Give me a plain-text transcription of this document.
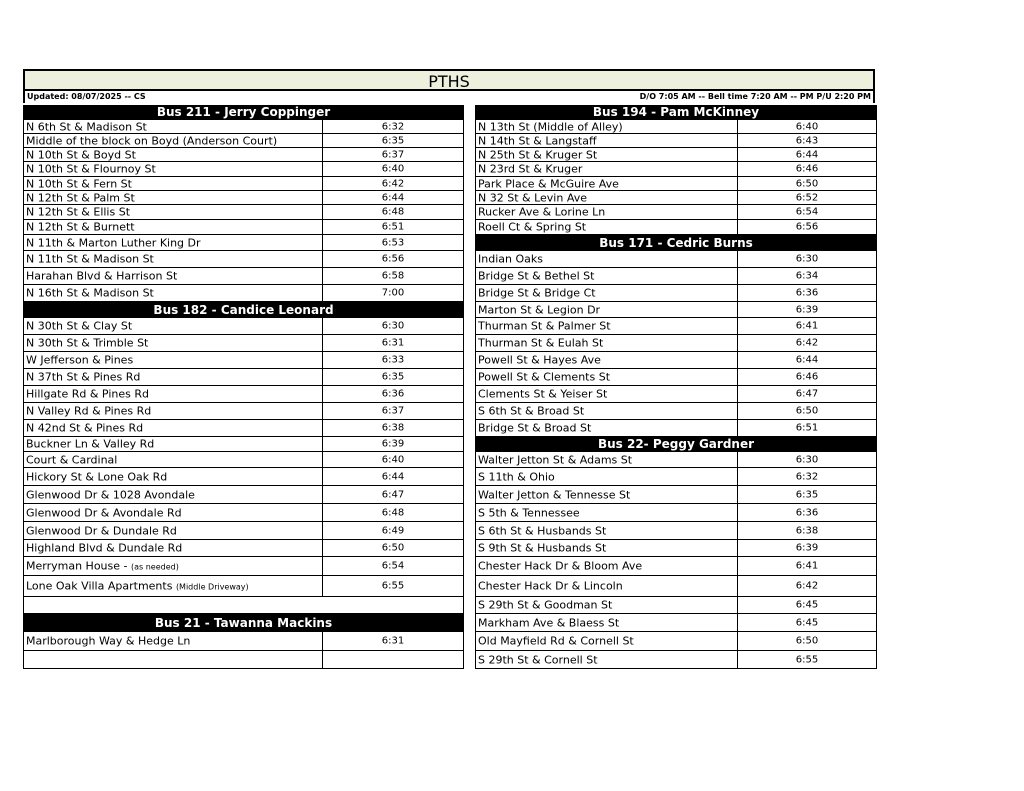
PTHS
Updated: 08/07/2025 -- CS	D/O 7:05 AM -- Bell time 7:20 AM -- PM P/U 2:20 PM
Bus 211 - Jerry Coppinger
N 6th St & Madison St	6:32
Middle of the block on Boyd (Anderson Court)	6:35
N 10th St & Boyd St	6:37
N 10th St & Flournoy St	6:40
N 10th St & Fern St	6:42
N 12th St & Palm St	6:44
N 12th St & Ellis St	6:48
N 12th St & Burnett	6:51
N 11th & Marton Luther King Dr	6:53
N 11th St & Madison St	6:56
Harahan Blvd & Harrison St	6:58
N 16th St & Madison St	7:00
Bus 182 - Candice Leonard
N 30th St & Clay St	6:30
N 30th St & Trimble St	6:31
W Jefferson & Pines	6:33
N 37th St & Pines Rd	6:35
Hillgate Rd & Pines Rd	6:36
N Valley Rd & Pines Rd	6:37
N 42nd St & Pines Rd	6:38
Buckner Ln & Valley Rd	6:39
Court & Cardinal	6:40
Hickory St & Lone Oak Rd	6:44
Glenwood Dr & 1028 Avondale	6:47
Glenwood Dr & Avondale Rd	6:48
Glenwood Dr & Dundale Rd	6:49
Highland Blvd & Dundale Rd	6:50
Merryman House - (as needed)	6:54
Lone Oak Villa Apartments (Middle Driveway)	6:55
Bus 21 - Tawanna Mackins
Marlborough Way & Hedge Ln	6:31
Bus 194 - Pam McKinney
N 13th St (Middle of Alley)	6:40
N 14th St & Langstaff	6:43
N 25th St & Kruger St	6:44
N 23rd St & Kruger	6:46
Park Place & McGuire Ave	6:50
N 32 St & Levin Ave	6:52
Rucker Ave & Lorine Ln	6:54
Roell Ct & Spring St	6:56
Bus 171 - Cedric Burns
Indian Oaks	6:30
Bridge St & Bethel St	6:34
Bridge St & Bridge Ct	6:36
Marton St & Legion Dr	6:39
Thurman St & Palmer St	6:41
Thurman St & Eulah St	6:42
Powell St & Hayes Ave	6:44
Powell St & Clements St	6:46
Clements St & Yeiser St	6:47
S 6th St & Broad St	6:50
Bridge St & Broad St	6:51
Bus 22- Peggy Gardner
Walter Jetton St & Adams St	6:30
S 11th & Ohio	6:32
Walter Jetton & Tennesse St	6:35
S 5th & Tennessee	6:36
S 6th St & Husbands St	6:38
S 9th St & Husbands St	6:39
Chester Hack Dr & Bloom Ave	6:41
Chester Hack Dr & Lincoln	6:42
S 29th St & Goodman St	6:45
Markham Ave & Blaess St	6:45
Old Mayfield Rd & Cornell St	6:50
S 29th St & Cornell St	6:55
